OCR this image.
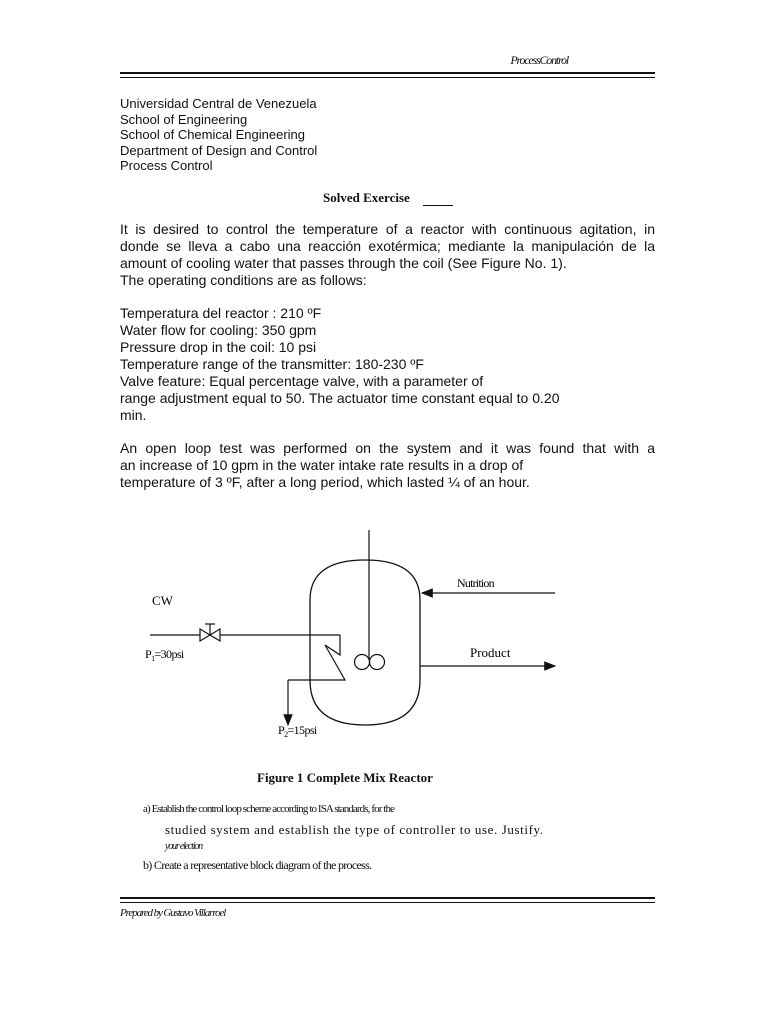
ProcessControl
Universidad Central de Venezuela
School of Engineering
School of Chemical Engineering
Department of Design and Control
Process Control
Solved Exercise
It is desired to control the temperature of a reactor with continuous agitation, in
donde se lleva a cabo una reacción exotérmica; mediante la manipulación de la
amount of cooling water that passes through the coil (See Figure No. 1).
The operating conditions are as follows:
Temperatura del reactor : 210 ºF
Water flow for cooling: 350 gpm
Pressure drop in the coil: 10 psi
Temperature range of the transmitter: 180-230 ºF
Valve feature: Equal percentage valve, with a parameter of
range adjustment equal to 50. The actuator time constant equal to 0.20
min.
An open loop test was performed on the system and it was found that with a
an increase of 10 gpm in the water intake rate results in a drop of
temperature of 3 ºF, after a long period, which lasted ¼ of an hour.
CW
Nutrition
Product
$P_1=30psi$
$P_2=15psi$
Figure 1 Complete Mix Reactor
a) Establish the control loop scheme according to ISA standards, for the
studied system and establish the type of controller to use. Justify.
your election
b) Create a representative block diagram of the process.
Prepared by Gustavo Villarroel
